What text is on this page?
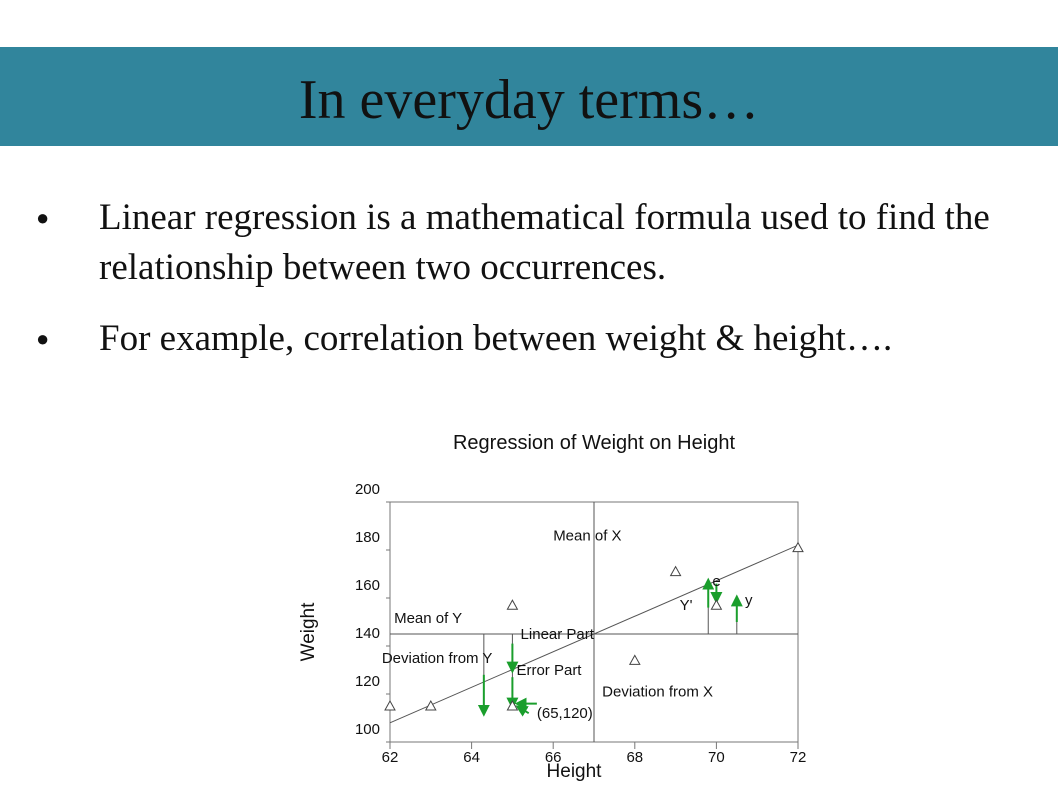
In everyday terms…
● Linear regression is a mathematical formula used to find the relationship between two occurrences.
● For example, correlation between weight & height….
Regression of Weight on Height
62	64	66	68	70	72
100
120
140
160
180
200
Height
Weight
Mean of X
Mean of Y
Linear Part
Deviation from Y
Error Part
Deviation from X
(65,120)
e
Y'	y
